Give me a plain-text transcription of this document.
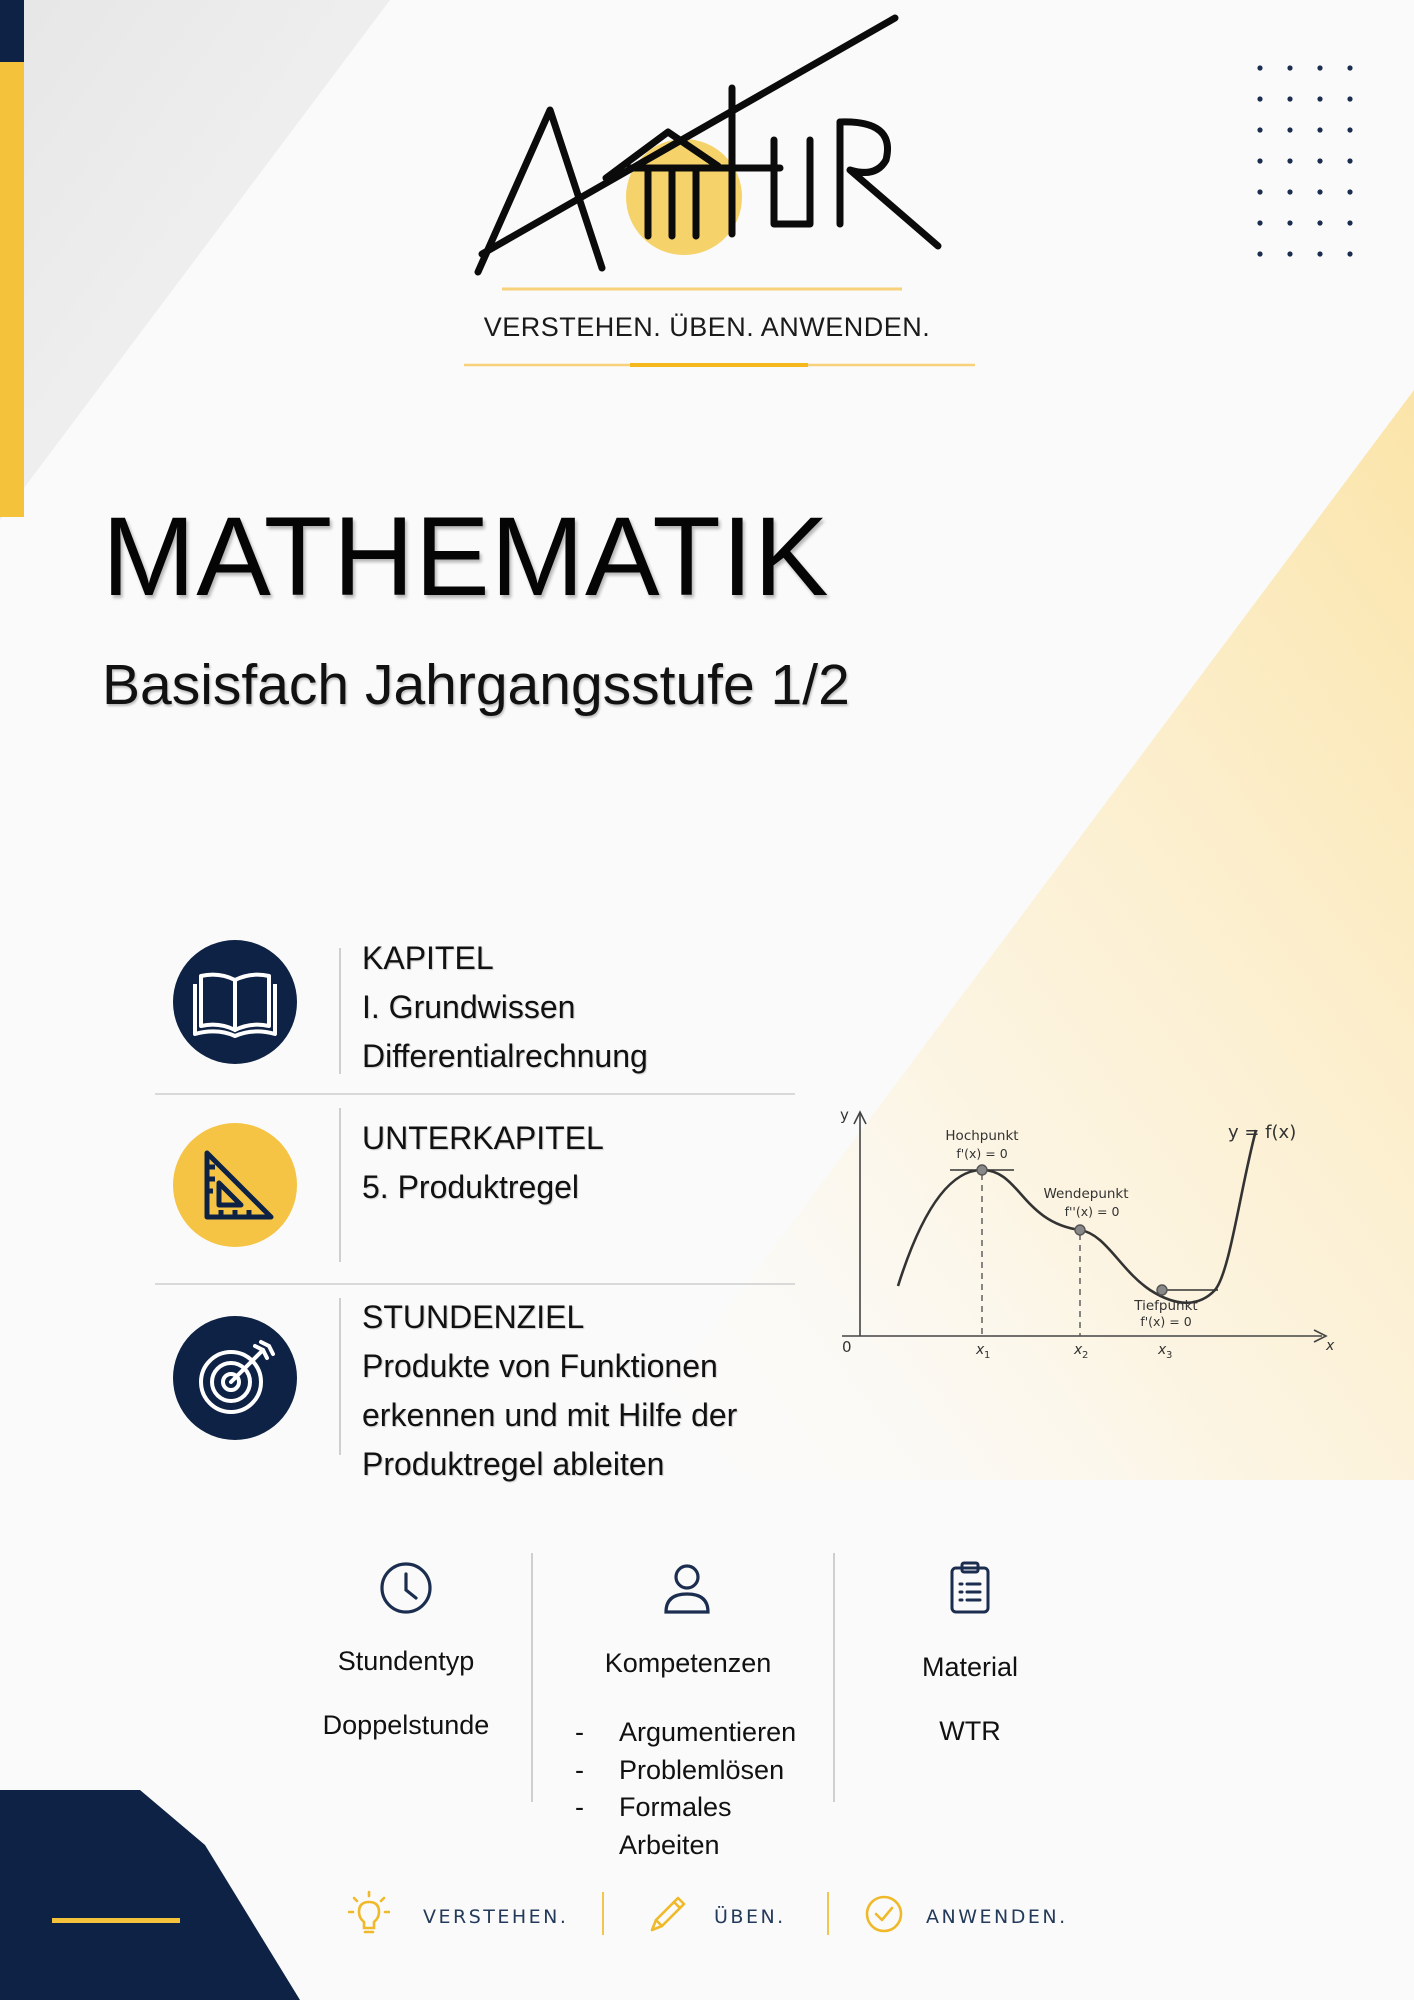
VERSTEHEN. ÜBEN. ANWENDEN.
MATHEMATIK
Basisfach Jahrgangsstufe 1/2
KAPITEL
I. Grundwissen
Differentialrechnung
UNTERKAPITEL
5. Produktregel
STUNDENZIEL
Produkte von Funktionen
erkennen und mit Hilfe der
Produktregel ableiten
y
x
0
y = f(x)
Hochpunkt
f'(x) = 0
Wendepunkt
f''(x) = 0
Tiefpunkt
f'(x) = 0
x 1	x 2	x 3
Stundentyp
Doppelstunde
Kompetenzen
-	Argumentieren
-	Problemlösen
-	Formales Arbeiten
Material
WTR
VERSTEHEN.	ÜBEN.	ANWENDEN.
